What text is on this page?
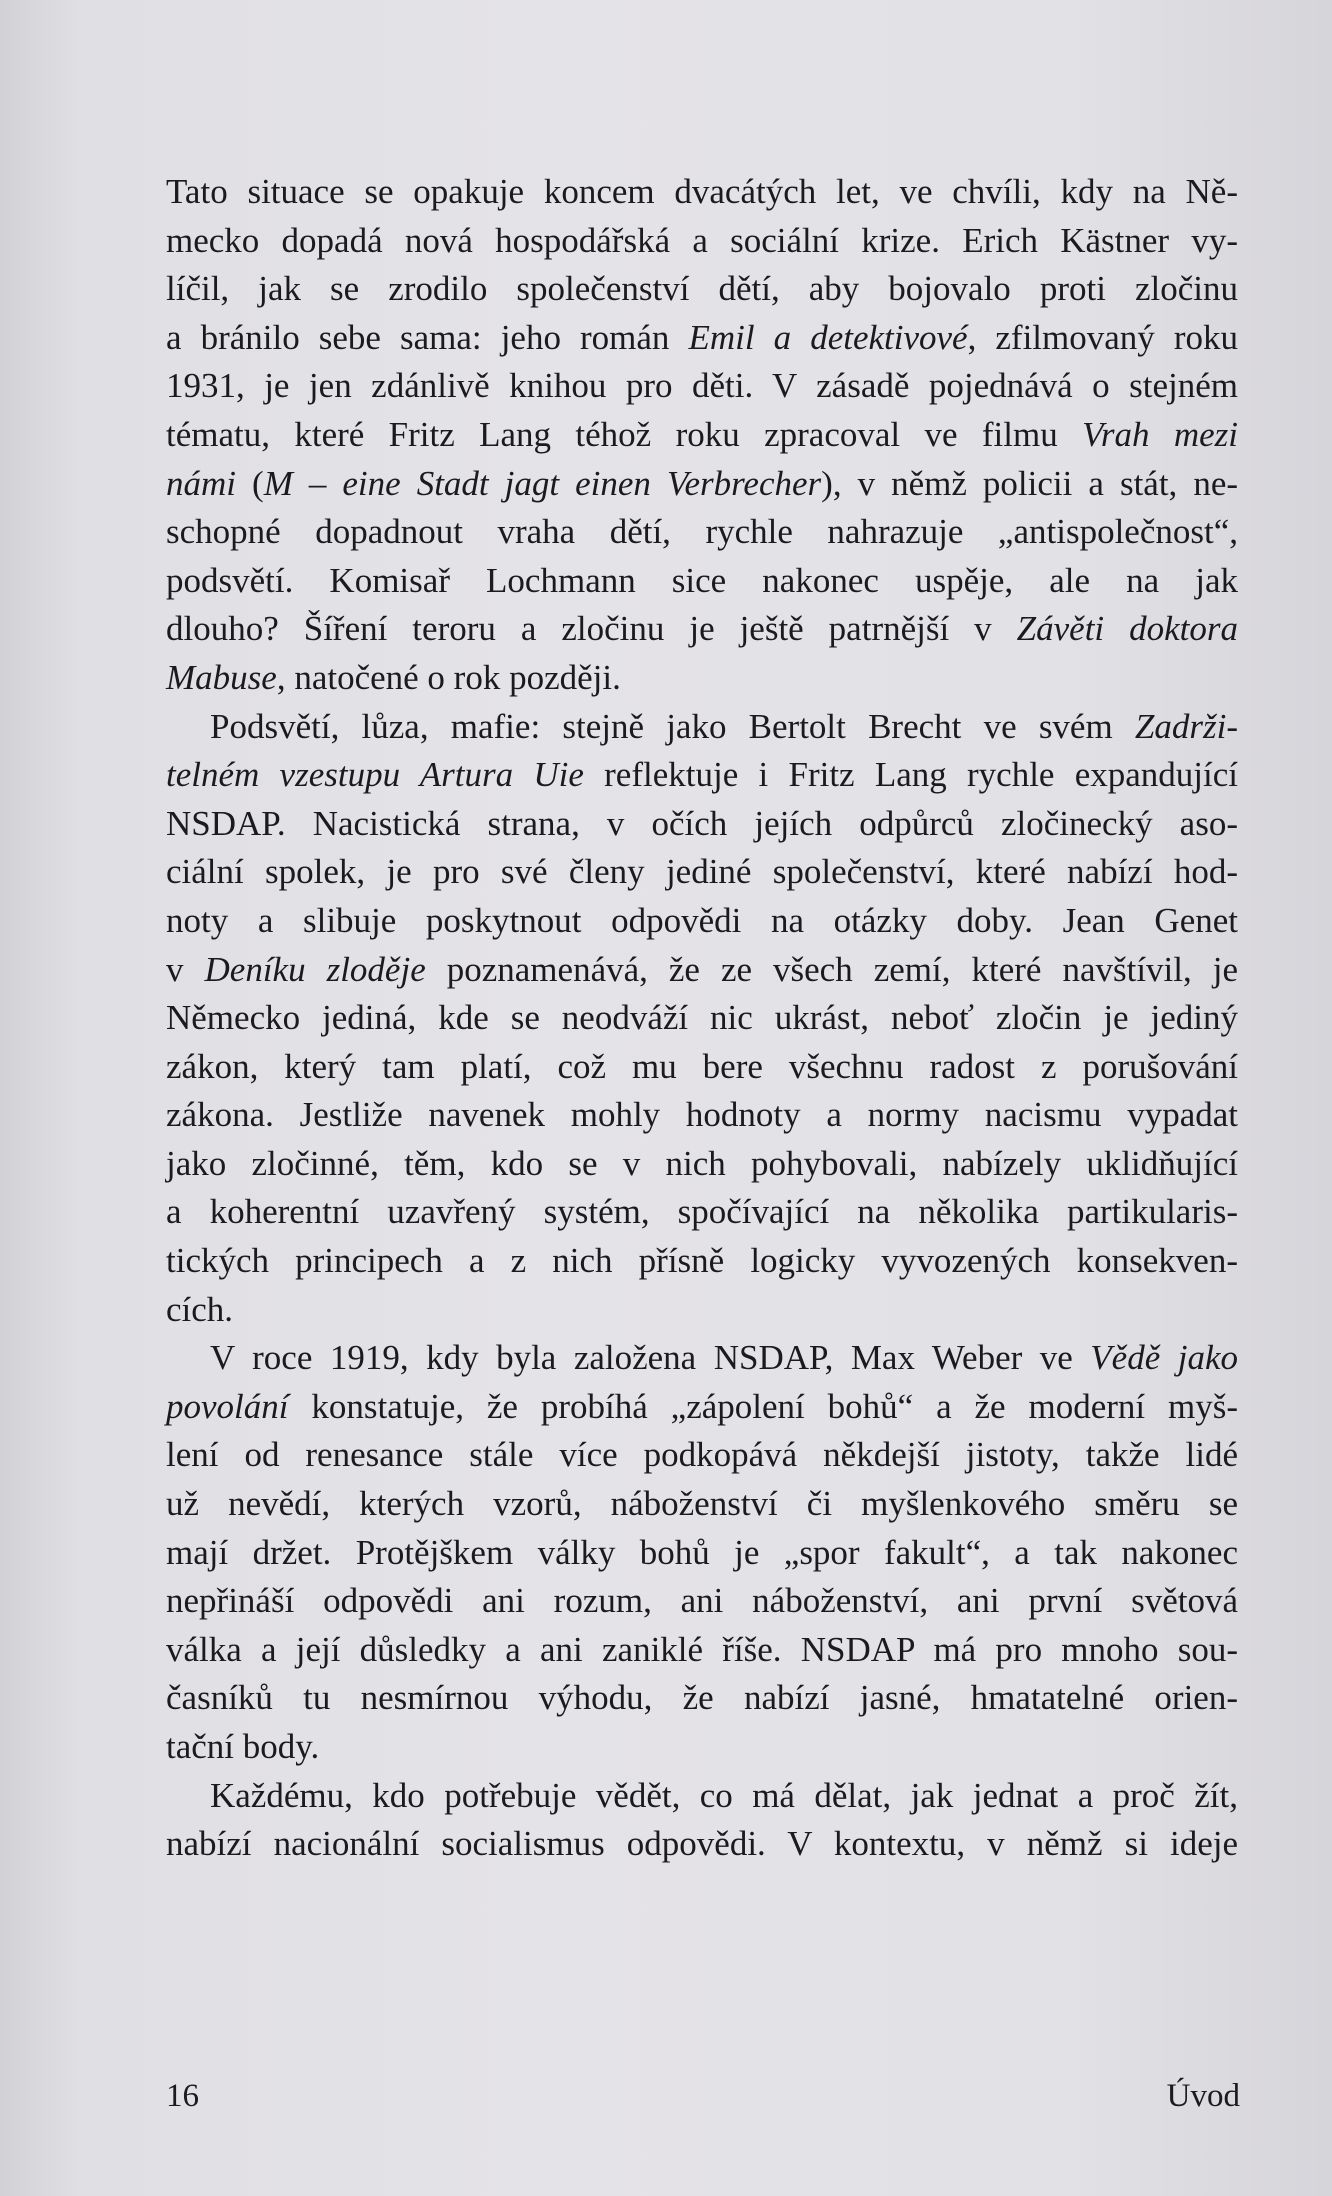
Tato situace se opakuje koncem dvacátých let, ve chvíli, kdy na Ně-
mecko dopadá nová hospodářská a sociální krize. Erich Kästner vy-
líčil, jak se zrodilo společenství dětí, aby bojovalo proti zločinu
a bránilo sebe sama: jeho román Emil a detektivové, zfilmovaný roku
1931, je jen zdánlivě knihou pro děti. V zásadě pojednává o stejném
tématu, které Fritz Lang téhož roku zpracoval ve filmu Vrah mezi
námi (M – eine Stadt jagt einen Verbrecher), v němž policii a stát, ne-
schopné dopadnout vraha dětí, rychle nahrazuje „antispolečnost“,
podsvětí. Komisař Lochmann sice nakonec uspěje, ale na jak
dlouho? Šíření teroru a zločinu je ještě patrnější v Závěti doktora
Mabuse, natočené o rok později.
Podsvětí, lůza, mafie: stejně jako Bertolt Brecht ve svém Zadrži-
telném vzestupu Artura Uie reflektuje i Fritz Lang rychle expandující
NSDAP. Nacistická strana, v očích jejích odpůrců zločinecký aso-
ciální spolek, je pro své členy jediné společenství, které nabízí hod-
noty a slibuje poskytnout odpovědi na otázky doby. Jean Genet
v Deníku zloděje poznamenává, že ze všech zemí, které navštívil, je
Německo jediná, kde se neodváží nic ukrást, neboť zločin je jediný
zákon, který tam platí, což mu bere všechnu radost z porušování
zákona. Jestliže navenek mohly hodnoty a normy nacismu vypadat
jako zločinné, těm, kdo se v nich pohybovali, nabízely uklidňující
a koherentní uzavřený systém, spočívající na několika partikularis-
tických principech a z nich přísně logicky vyvozených konsekven-
cích.
V roce 1919, kdy byla založena NSDAP, Max Weber ve Vědě jako
povolání konstatuje, že probíhá „zápolení bohů“ a že moderní myš-
lení od renesance stále více podkopává někdejší jistoty, takže lidé
už nevědí, kterých vzorů, náboženství či myšlenkového směru se
mají držet. Protějškem války bohů je „spor fakult“, a tak nakonec
nepřináší odpovědi ani rozum, ani náboženství, ani první světová
válka a její důsledky a ani zaniklé říše. NSDAP má pro mnoho sou-
časníků tu nesmírnou výhodu, že nabízí jasné, hmatatelné orien-
tační body.
Každému, kdo potřebuje vědět, co má dělat, jak jednat a proč žít,
nabízí nacionální socialismus odpovědi. V kontextu, v němž si ideje
16	Úvod
